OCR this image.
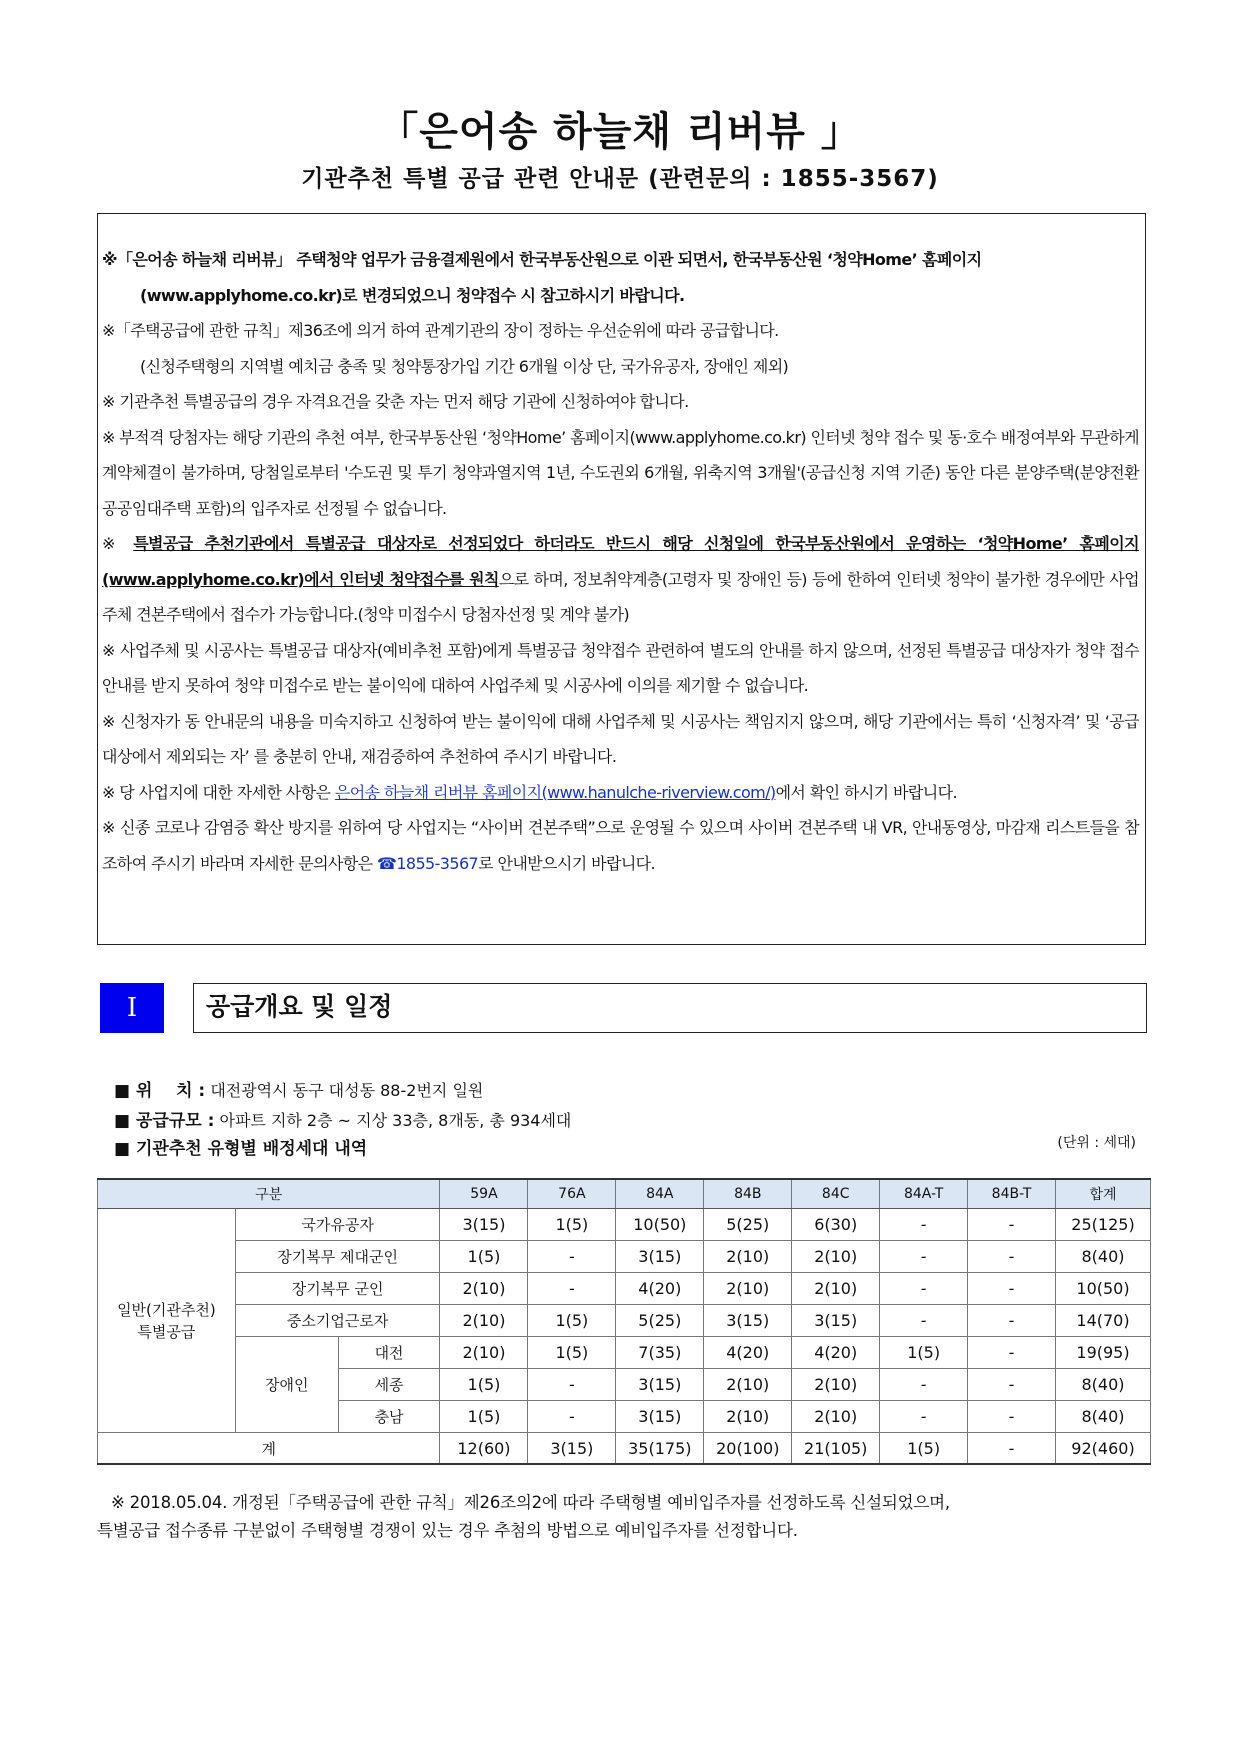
「은어송 하늘채 리버뷰 」
기관추천 특별 공급 관련 안내문 (관련문의 : 1855-3567)

※「은어송 하늘채 리버뷰」 주택청약 업무가 금융결제원에서 한국부동산원으로 이관 되면서, 한국부동산원 ‘청약Home’ 홈페이지

(www.applyhome.co.kr)로 변경되었으니 청약접수 시 참고하시기 바랍니다.

※「주택공급에 관한 규칙」제36조에 의거 하여 관계기관의 장이 정하는 우선순위에 따라 공급합니다.

(신청주택형의 지역별 예치금 충족 및 청약통장가입 기간 6개월 이상 단, 국가유공자, 장애인 제외)

※ 기관추천 특별공급의 경우 자격요건을 갖춘 자는 먼저 해당 기관에 신청하여야 합니다.

※ 부적격 당첨자는 해당 기관의 추천 여부, 한국부동산원 ‘청약Home’ 홈페이지(www.applyhome.co.kr) 인터넷 청약 접수 및 동·호수 배정여부와 무관하게 계약체결이 불가하며, 당첨일로부터 '수도권 및 투기 청약과열지역 1년, 수도권외 6개월, 위축지역 3개월'(공급신청 지역 기준) 동안 다른 분양주택(분양전환 공공임대주택 포함)의 입주자로 선정될 수 없습니다.

※ 특별공급 추천기관에서 특별공급 대상자로 선정되었다 하더라도 반드시 해당 신청일에 한국부동산원에서 운영하는 ‘청약Home’ 홈페이지 (www.applyhome.co.kr)에서 인터넷 청약접수를 원칙으로 하며, 정보취약계층(고령자 및 장애인 등) 등에 한하여 인터넷 청약이 불가한 경우에만 사업주체 견본주택에서 접수가 가능합니다.(청약 미접수시 당첨자선정 및 계약 불가)

※ 사업주체 및 시공사는 특별공급 대상자(예비추천 포함)에게 특별공급 청약접수 관련하여 별도의 안내를 하지 않으며, 선정된 특별공급 대상자가 청약 접수안내를 받지 못하여 청약 미접수로 받는 불이익에 대하여 사업주체 및 시공사에 이의를 제기할 수 없습니다.

※ 신청자가 동 안내문의 내용을 미숙지하고 신청하여 받는 불이익에 대해 사업주체 및 시공사는 책임지지 않으며, 해당 기관에서는 특히 ‘신청자격’ 및 ‘공급대상에서 제외되는 자’ 를 충분히 안내, 재검증하여 추천하여 주시기 바랍니다.

※ 당 사업지에 대한 자세한 사항은 은어송 하늘채 리버뷰 홈페이지(www.hanulche-riverview.com/)에서 확인 하시기 바랍니다.

※ 신종 코로나 감염증 확산 방지를 위하여 당 사업지는 “사이버 견본주택”으로 운영될 수 있으며 사이버 견본주택 내 VR, 안내동영상, 마감재 리스트들을 참조하여 주시기 바라며 자세한 문의사항은 ☎1855-3567로 안내받으시기 바랍니다.

I	공급개요 및 일정
■ 위    치 : 대전광역시 동구 대성동 88-2번지 일원
■ 공급규모 : 아파트 지하 2층 ~ 지상 33층, 8개동, 총 934세대
■ 기관추천 유형별 배정세대 내역	(단위 : 세대)
구분			59A	76A	84A	84B	84C	84A-T	84B-T	합계
일반(기관추천)
특별공급	국가유공자		3(15)	1(5)	10(50)	5(25)	6(30)	-	-	25(125)
	장기복무 제대군인		1(5)	-	3(15)	2(10)	2(10)	-	-	8(40)
	장기복무 군인		2(10)	-	4(20)	2(10)	2(10)	-	-	10(50)
	중소기업근로자		2(10)	1(5)	5(25)	3(15)	3(15)	-	-	14(70)
	장애인	대전	2(10)	1(5)	7(35)	4(20)	4(20)	1(5)	-	19(95)
		세종	1(5)	-	3(15)	2(10)	2(10)	-	-	8(40)
		충남	1(5)	-	3(15)	2(10)	2(10)	-	-	8(40)
계			12(60)	3(15)	35(175)	20(100)	21(105)	1(5)	-	92(460)
※ 2018.05.04. 개정된「주택공급에 관한 규칙」제26조의2에 따라 주택형별 예비입주자를 선정하도록 신설되었으며,
특별공급 접수종류 구분없이 주택형별 경쟁이 있는 경우 추첨의 방법으로 예비입주자를 선정합니다.
